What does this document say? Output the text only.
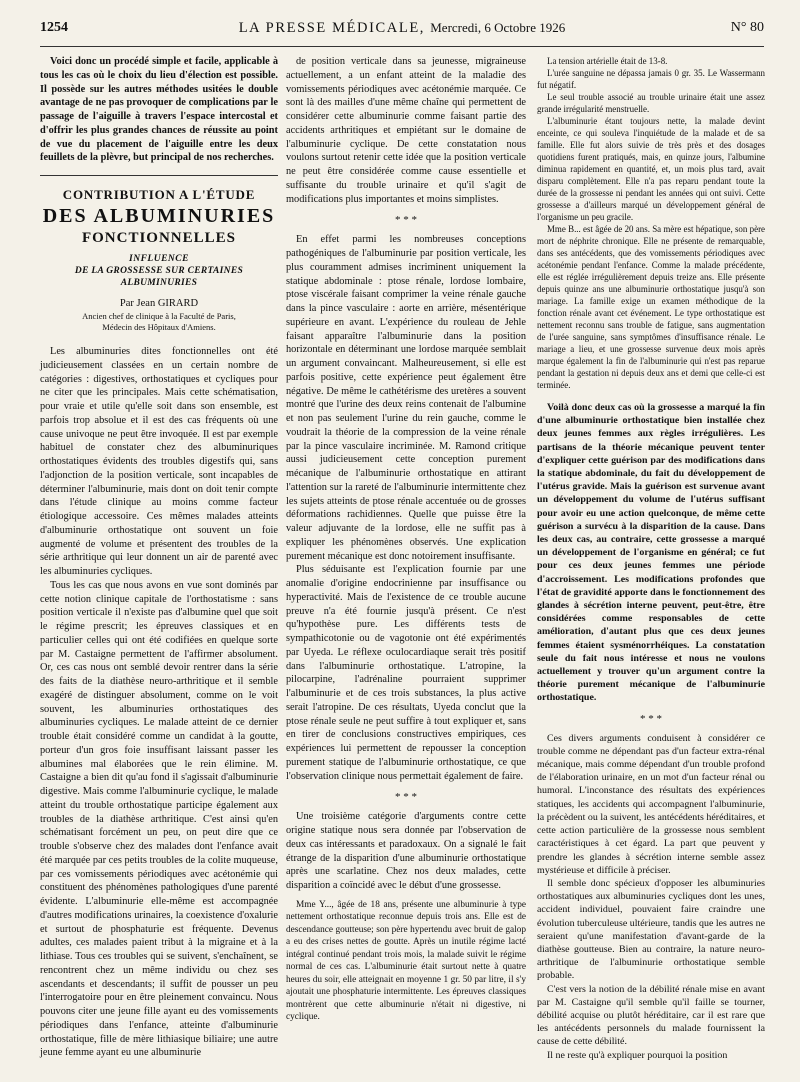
1254	LA PRESSE MÉDICALE, Mercredi, 6 Octobre 1926	N° 80

Voici donc un procédé simple et facile, applicable à tous les cas où le choix du lieu d'élection est possible. Il possède sur les autres méthodes usitées le double avantage de ne pas provoquer de complications par le passage de l'aiguille à travers l'espace intercostal et d'offrir les plus grandes chances de réussite au point de vue du placement de l'aiguille entre les deux feuillets de la plèvre, but principal de nos recherches.

CONTRIBUTION A L'ÉTUDE
DES ALBUMINURIES
FONCTIONNELLES
INFLUENCE
DE LA GROSSESSE SUR CERTAINES ALBUMINURIES
Par Jean GIRARD
Ancien chef de clinique à la Faculté de Paris,
Médecin des Hôpitaux d'Amiens.

Les albuminuries dites fonctionnelles ont été judicieusement classées en un certain nombre de catégories : digestives, orthostatiques et cycliques pour ne citer que les principales. Mais cette schématisation, pour vraie et utile qu'elle soit dans son ensemble, est parfois trop absolue et il est des cas fréquents où une cause univoque ne peut être invoquée. Il est par exemple habituel de constater chez des albuminuriques orthostatiques évidents des troubles digestifs qui, sans l'adjonction de la position verticale, sont incapables de déterminer l'albuminurie, mais dont on doit tenir compte dans l'étude clinique au moins comme facteur étiologique accessoire. Ces mêmes malades atteints d'albuminurie orthostatique ont souvent un foie augmenté de volume et présentent des troubles de la série arthritique qui leur donnent un air de parenté avec les albuminuries cycliques.

Tous les cas que nous avons en vue sont dominés par cette notion clinique capitale de l'orthostatisme : sans position verticale il n'existe pas d'albumine quel que soit le régime prescrit; les épreuves classiques et en particulier celles qui ont été codifiées en quelque sorte par M. Castaigne permettent de l'affirmer absolument. Or, ces cas nous ont semblé devoir rentrer dans la série des faits de la diathèse neuro-arthritique et il semble exagéré de distinguer absolument, comme on le voit souvent, les albuminuries orthostatiques des albuminuries cycliques. Le malade atteint de ce dernier trouble était considéré comme un candidat à la goutte, porteur d'un gros foie insuffisant laissant passer les albumines mal élaborées que le rein élimine. M. Castaigne a bien dit qu'au fond il s'agissait d'albuminurie digestive. Mais comme l'albuminurie cyclique, le malade atteint du trouble orthostatique participe également aux troubles de la diathèse arthritique. C'est ainsi qu'en schématisant forcément un peu, on peut dire que ce trouble s'observe chez des malades dont l'enfance avait été marquée par ces petits troubles de la colite muqueuse, par ces vomissements périodiques avec acétonémie qui constituent des phénomènes pathologiques d'une parenté évidente. L'albuminurie elle-même est accompagnée d'autres modifications urinaires, la coexistence d'oxalurie et surtout de phosphaturie est fréquente. Devenus adultes, ces malades paient tribut à la migraine et à la lithiase. Tous ces troubles qui se suivent, s'enchaînent, se rencontrent chez un même individu ou chez ses ascendants et descendants; il suffit de pousser un peu l'interrogatoire pour en être pleinement convaincu. Nous pouvons citer une jeune fille ayant eu des vomissements périodiques dans l'enfance, atteinte d'albuminurie orthostatique, fille de mère lithiasique biliaire; une autre jeune femme ayant eu une albuminurie

de position verticale dans sa jeunesse, migraineuse actuellement, a un enfant atteint de la maladie des vomissements périodiques avec acétonémie marquée. Ce sont là des mailles d'une même chaîne qui permettent de considérer cette albuminurie comme faisant partie des accidents arthritiques et empiétant sur le domaine de l'albuminurie cyclique. De cette constatation nous voulons surtout retenir cette idée que la position verticale ne peut être considérée comme cause essentielle et suffisante du trouble urinaire et qu'il s'agit de modifications plus importantes et moins simplistes.

* * *

En effet parmi les nombreuses conceptions pathogéniques de l'albuminurie par position verticale, les plus couramment admises incriminent uniquement la statique abdominale : ptose rénale, lordose lombaire, ptose viscérale faisant comprimer la veine rénale gauche dans la pince vasculaire : aorte en arrière, mésentérique supérieure en avant. L'expérience du rouleau de Jehle faisant apparaître l'albuminurie dans la position horizontale en déterminant une lordose marquée semblait un argument convaincant. Malheureusement, si elle est parfois positive, cette expérience peut également être négative. De même le cathétérisme des uretères a souvent montré que l'urine des deux reins contenait de l'albumine et non pas seulement l'urine du rein gauche, comme le voudrait la théorie de la compression de la veine rénale par la pince vasculaire incriminée. M. Ramond critique aussi judicieusement cette conception purement mécanique de l'albuminurie orthostatique en attirant l'attention sur la rareté de l'albuminurie intermittente chez les sujets atteints de ptose rénale accentuée ou de grosses déformations rachidiennes. Quelle que puisse être la valeur adjuvante de la lordose, elle ne suffit pas à expliquer les phénomènes observés. Une explication purement mécanique est donc notoirement insuffisante.

Plus séduisante est l'explication fournie par une anomalie d'origine endocrinienne par insuffisance ou hyperactivité. Mais de l'existence de ce trouble aucune preuve n'a été fournie jusqu'à présent. Ce n'est qu'hypothèse pure. Les différents tests de sympathicotonie ou de vagotonie ont été expérimentés par Uyeda. Le réflexe oculocardiaque serait très positif dans l'albuminurie orthostatique. L'atropine, la pilocarpine, l'adrénaline pourraient supprimer l'albuminurie et de ces trois substances, la plus active serait l'atropine. De ces résultats, Uyeda conclut que la ptose rénale seule ne peut suffire à tout expliquer et, sans en tirer de conclusions constructives empiriques, ces expériences lui permettent de repousser la conception purement statique de l'albuminurie orthostatique, ce que l'observation clinique nous permettait également de faire.

* * *

Une troisième catégorie d'arguments contre cette origine statique nous sera donnée par l'observation de deux cas intéressants et paradoxaux. On a signalé le fait étrange de la disparition d'une albuminurie orthostatique après une scarlatine. Chez nos deux malades, cette disparition a coïncidé avec le début d'une grossesse.

Mme Y..., âgée de 18 ans, présente une albuminurie à type nettement orthostatique reconnue depuis trois ans. Elle est de descendance goutteuse; son père hypertendu avec bruit de galop a eu des crises nettes de goutte. Après un inutile régime lacté intégral continué pendant trois mois, la malade suivit le régime normal de ces cas. L'albuminurie était surtout nette à quatre heures du soir, elle atteignait en moyenne 1 gr. 50 par litre, il s'y ajoutait une phosphaturie intermittente. Les épreuves classiques montrèrent que cette albuminurie n'était ni digestive, ni cyclique.

La tension artérielle était de 13-8.

L'urée sanguine ne dépassa jamais 0 gr. 35. Le Wassermann fut négatif.

Le seul trouble associé au trouble urinaire était une assez grande irrégularité menstruelle.

L'albuminurie étant toujours nette, la malade devint enceinte, ce qui souleva l'inquiétude de la malade et de sa famille. Elle fut alors suivie de très près et des dosages quotidiens furent pratiqués, mais, en quinze jours, l'albumine diminua rapidement en quantité, et, un mois plus tard, avait disparu complètement. Elle n'a pas reparu pendant toute la durée de la grossesse ni pendant les années qui ont suivi. Cette grossesse a d'ailleurs marqué un développement général de l'organisme un peu gracile.

Mme B... est âgée de 20 ans. Sa mère est hépatique, son père mort de néphrite chronique. Elle ne présente de remarquable, dans ses antécédents, que des vomissements périodiques avec acétonémie pendant l'enfance. Comme la malade précédente, elle est réglée irrégulièrement depuis treize ans. Elle présente depuis quinze ans une albuminurie orthostatique jusqu'à son mariage. La famille exige un examen méthodique de la fonction rénale avant cet événement. Le type orthostatique est nettement reconnu sans trouble de fatigue, sans augmentation de l'urée sanguine, sans symptômes d'insuffisance rénale. Le mariage a lieu, et une grossesse survenue deux mois après marque également la fin de l'albuminurie qui n'est pas reparue pendant la gestation ni depuis deux ans et demi que celle-ci est terminée.

Voilà donc deux cas où la grossesse a marqué la fin d'une albuminurie orthostatique bien installée chez deux jeunes femmes aux règles irrégulières. Les partisans de la théorie mécanique peuvent tenter d'expliquer cette guérison par des modifications dans la statique abdominale, du fait du développement de l'utérus gravide. Mais la guérison est survenue avant un développement du volume de l'utérus suffisant pour avoir eu une action quelconque, de même cette guérison a survécu à la disparition de la cause. Dans les deux cas, au contraire, cette grossesse a marqué un développement de l'organisme en général; ce fut pour ces deux jeunes femmes une période d'accroissement. Les modifications profondes que l'état de gravidité apporte dans le fonctionnement des glandes à sécrétion interne peuvent, peut-être, être considérées comme responsables de cette amélioration, d'autant plus que ces deux jeunes femmes étaient sysménorrhéiques. La constatation seule du fait nous intéresse et nous ne voulons actuellement y trouver qu'un argument contre la théorie purement mécanique de l'albuminurie orthostatique.

* * *

Ces divers arguments conduisent à considérer ce trouble comme ne dépendant pas d'un facteur extra-rénal mécanique, mais comme dépendant d'un trouble profond de l'élaboration urinaire, en un mot d'un facteur rénal ou humoral. L'inconstance des résultats des expériences statiques, les accidents qui accompagnent l'albuminurie, la précèdent ou la suivent, les antécédents héréditaires, et cette action particulière de la grossesse nous semblent caractéristiques à cet égard. La part que peuvent y prendre les glandes à sécrétion interne semble assez mystérieuse et difficile à préciser.

Il semble donc spécieux d'opposer les albuminuries orthostatiques aux albuminuries cycliques dont les unes, accident individuel, pouvaient faire craindre une évolution tuberculeuse ultérieure, tandis que les autres ne seraient qu'une manifestation d'avant-garde de la diathèse goutteuse. Bien au contraire, la nature neuro-arthritique de l'albuminurie orthostatique semble probable.

C'est vers la notion de la débilité rénale mise en avant par M. Castaigne qu'il semble qu'il faille se tourner, débilité acquise ou plutôt héréditaire, car il est rare que les antécédents personnels du malade fournissent la cause de cette débilité.

Il ne reste qu'à expliquer pourquoi la position
